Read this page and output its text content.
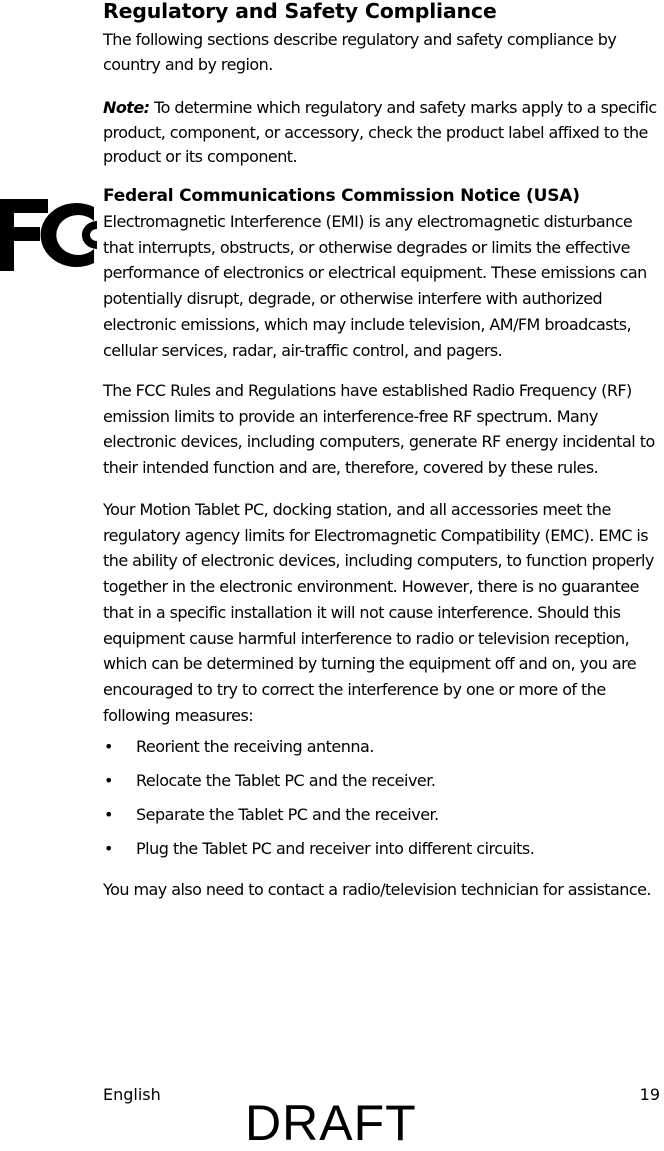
Regulatory and Safety Compliance

The following sections describe regulatory and safety compliance by country and by region.

Note: To determine which regulatory and safety marks apply to a specific product, component, or accessory, check the product label affixed to the product or its component.

Federal Communications Commission Notice (USA)

Electromagnetic Interference (EMI) is any electromagnetic disturbance that interrupts, obstructs, or otherwise degrades or limits the effective performance of electronics or electrical equipment. These emissions can potentially disrupt, degrade, or otherwise interfere with authorized electronic emissions, which may include television, AM/FM broadcasts, cellular services, radar, air-traffic control, and pagers.

The FCC Rules and Regulations have established Radio Frequency (RF) emission limits to provide an interference-free RF spectrum. Many electronic devices, including computers, generate RF energy incidental to their intended function and are, therefore, covered by these rules.

Your Motion Tablet PC, docking station, and all accessories meet the regulatory agency limits for Electromagnetic Compatibility (EMC). EMC is the ability of electronic devices, including computers, to function properly together in the electronic environment. However, there is no guarantee that in a specific installation it will not cause interference. Should this equipment cause harmful interference to radio or television reception, which can be determined by turning the equipment off and on, you are encouraged to try to correct the interference by one or more of the following measures:

• Reorient the receiving antenna.
• Relocate the Tablet PC and the receiver.
• Separate the Tablet PC and the receiver.
• Plug the Tablet PC and receiver into different circuits.

You may also need to contact a radio/television technician for assistance.

English	19
DRAFT
